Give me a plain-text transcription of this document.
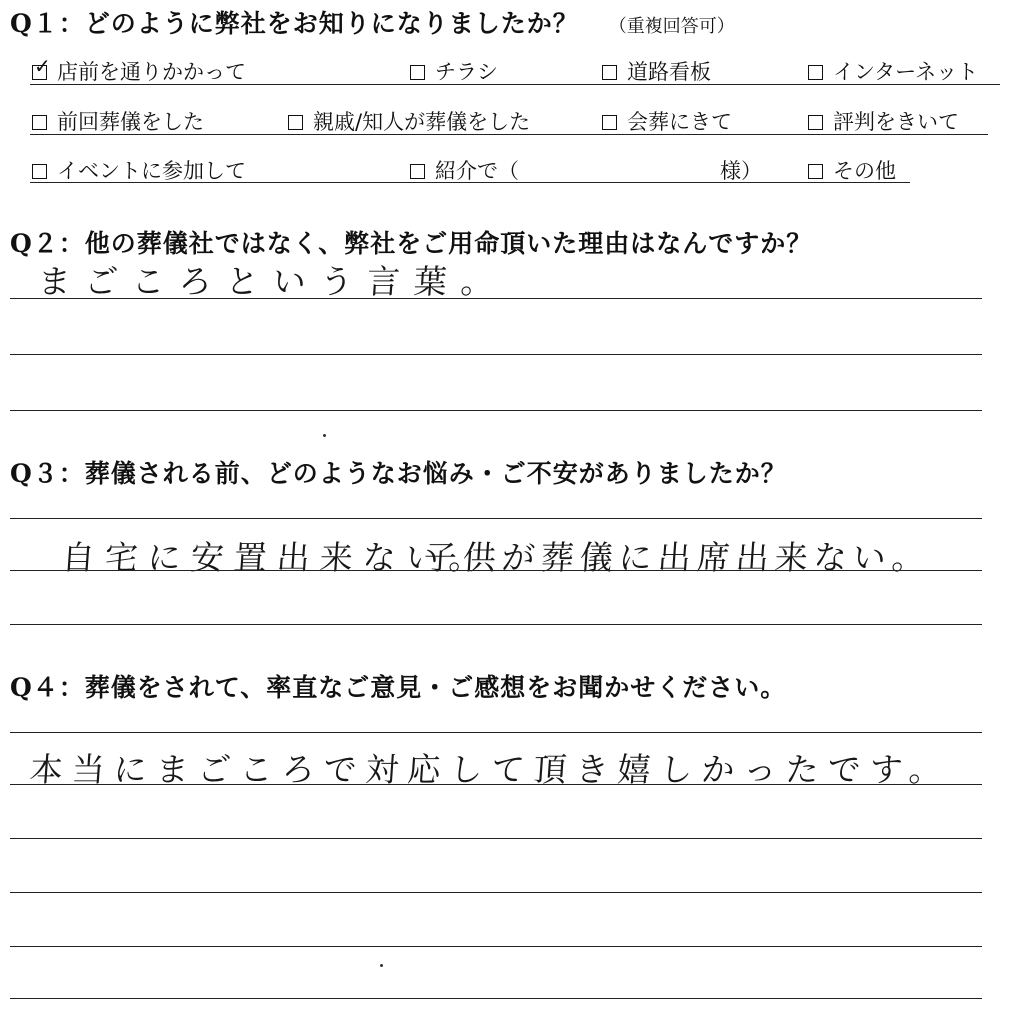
Q１：どのように弊社をお知りになりましたか？ （重複回答可）
✓ 店前を通りかかって	チラシ	道路看板	インターネット
前回葬儀をした	親戚/知人が葬儀をした	会葬にきて	評判をきいて
イベントに参加して	紹介で（	様）	その他
Q２：他の葬儀社ではなく、弊社をご用命頂いた理由はなんですか？
まごころという言葉。
Q３：葬儀される前、どのようなお悩み・ご不安がありましたか？
自宅に安置出来ない。
子供が葬儀に出席出来ない。
Q４：葬儀をされて、率直なご意見・ご感想をお聞かせください。
本当にまごころで対応して頂き嬉しかったです。
